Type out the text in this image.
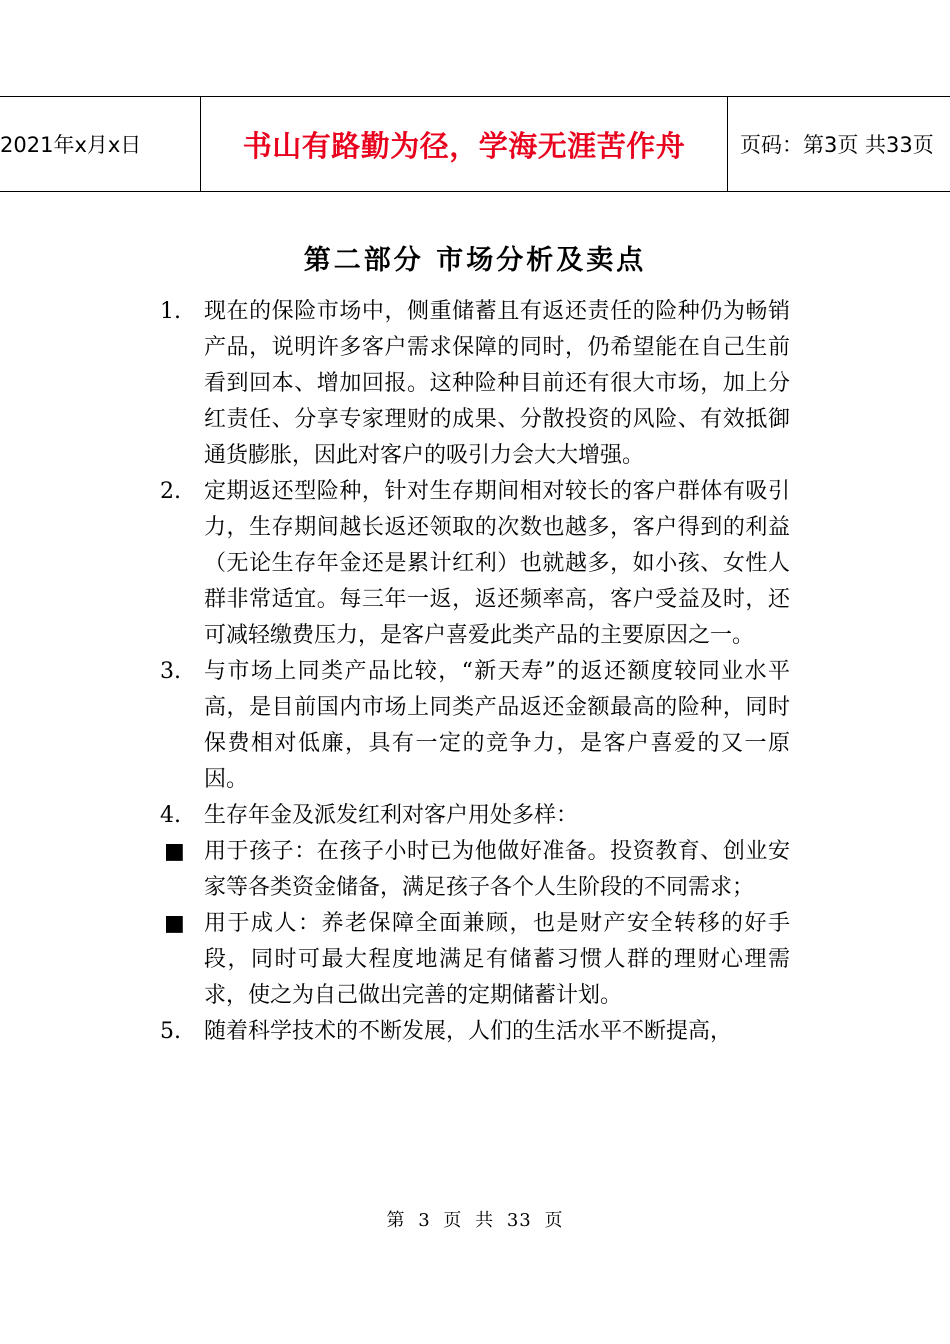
2021年x月x日	书山有路勤为径，学海无涯苦作舟	页码：第3页 共33页
第二部分 市场分析及卖点
1.	现在的保险市场中，侧重储蓄且有返还责任的险种仍为畅销产品，说明许多客户需求保障的同时，仍希望能在自己生前看到回本、增加回报。这种险种目前还有很大市场，加上分红责任、分享专家理财的成果、分散投资的风险、有效抵御通货膨胀，因此对客户的吸引力会大大增强。
2.	定期返还型险种，针对生存期间相对较长的客户群体有吸引力，生存期间越长返还领取的次数也越多，客户得到的利益（无论生存年金还是累计红利）也就越多，如小孩、女性人群非常适宜。每三年一返，返还频率高，客户受益及时，还可减轻缴费压力，是客户喜爱此类产品的主要原因之一。
3.	与市场上同类产品比较，“新天寿”的返还额度较同业水平高，是目前国内市场上同类产品返还金额最高的险种，同时保费相对低廉，具有一定的竞争力，是客户喜爱的又一原因。
4.	生存年金及派发红利对客户用处多样：
■ 用于孩子：在孩子小时已为他做好准备。投资教育、创业安家等各类资金储备，满足孩子各个人生阶段的不同需求；
■ 用于成人：养老保障全面兼顾，也是财产安全转移的好手段，同时可最大程度地满足有储蓄习惯人群的理财心理需求，使之为自己做出完善的定期储蓄计划。
5.	随着科学技术的不断发展，人们的生活水平不断提高，
第 3 页 共 33 页
